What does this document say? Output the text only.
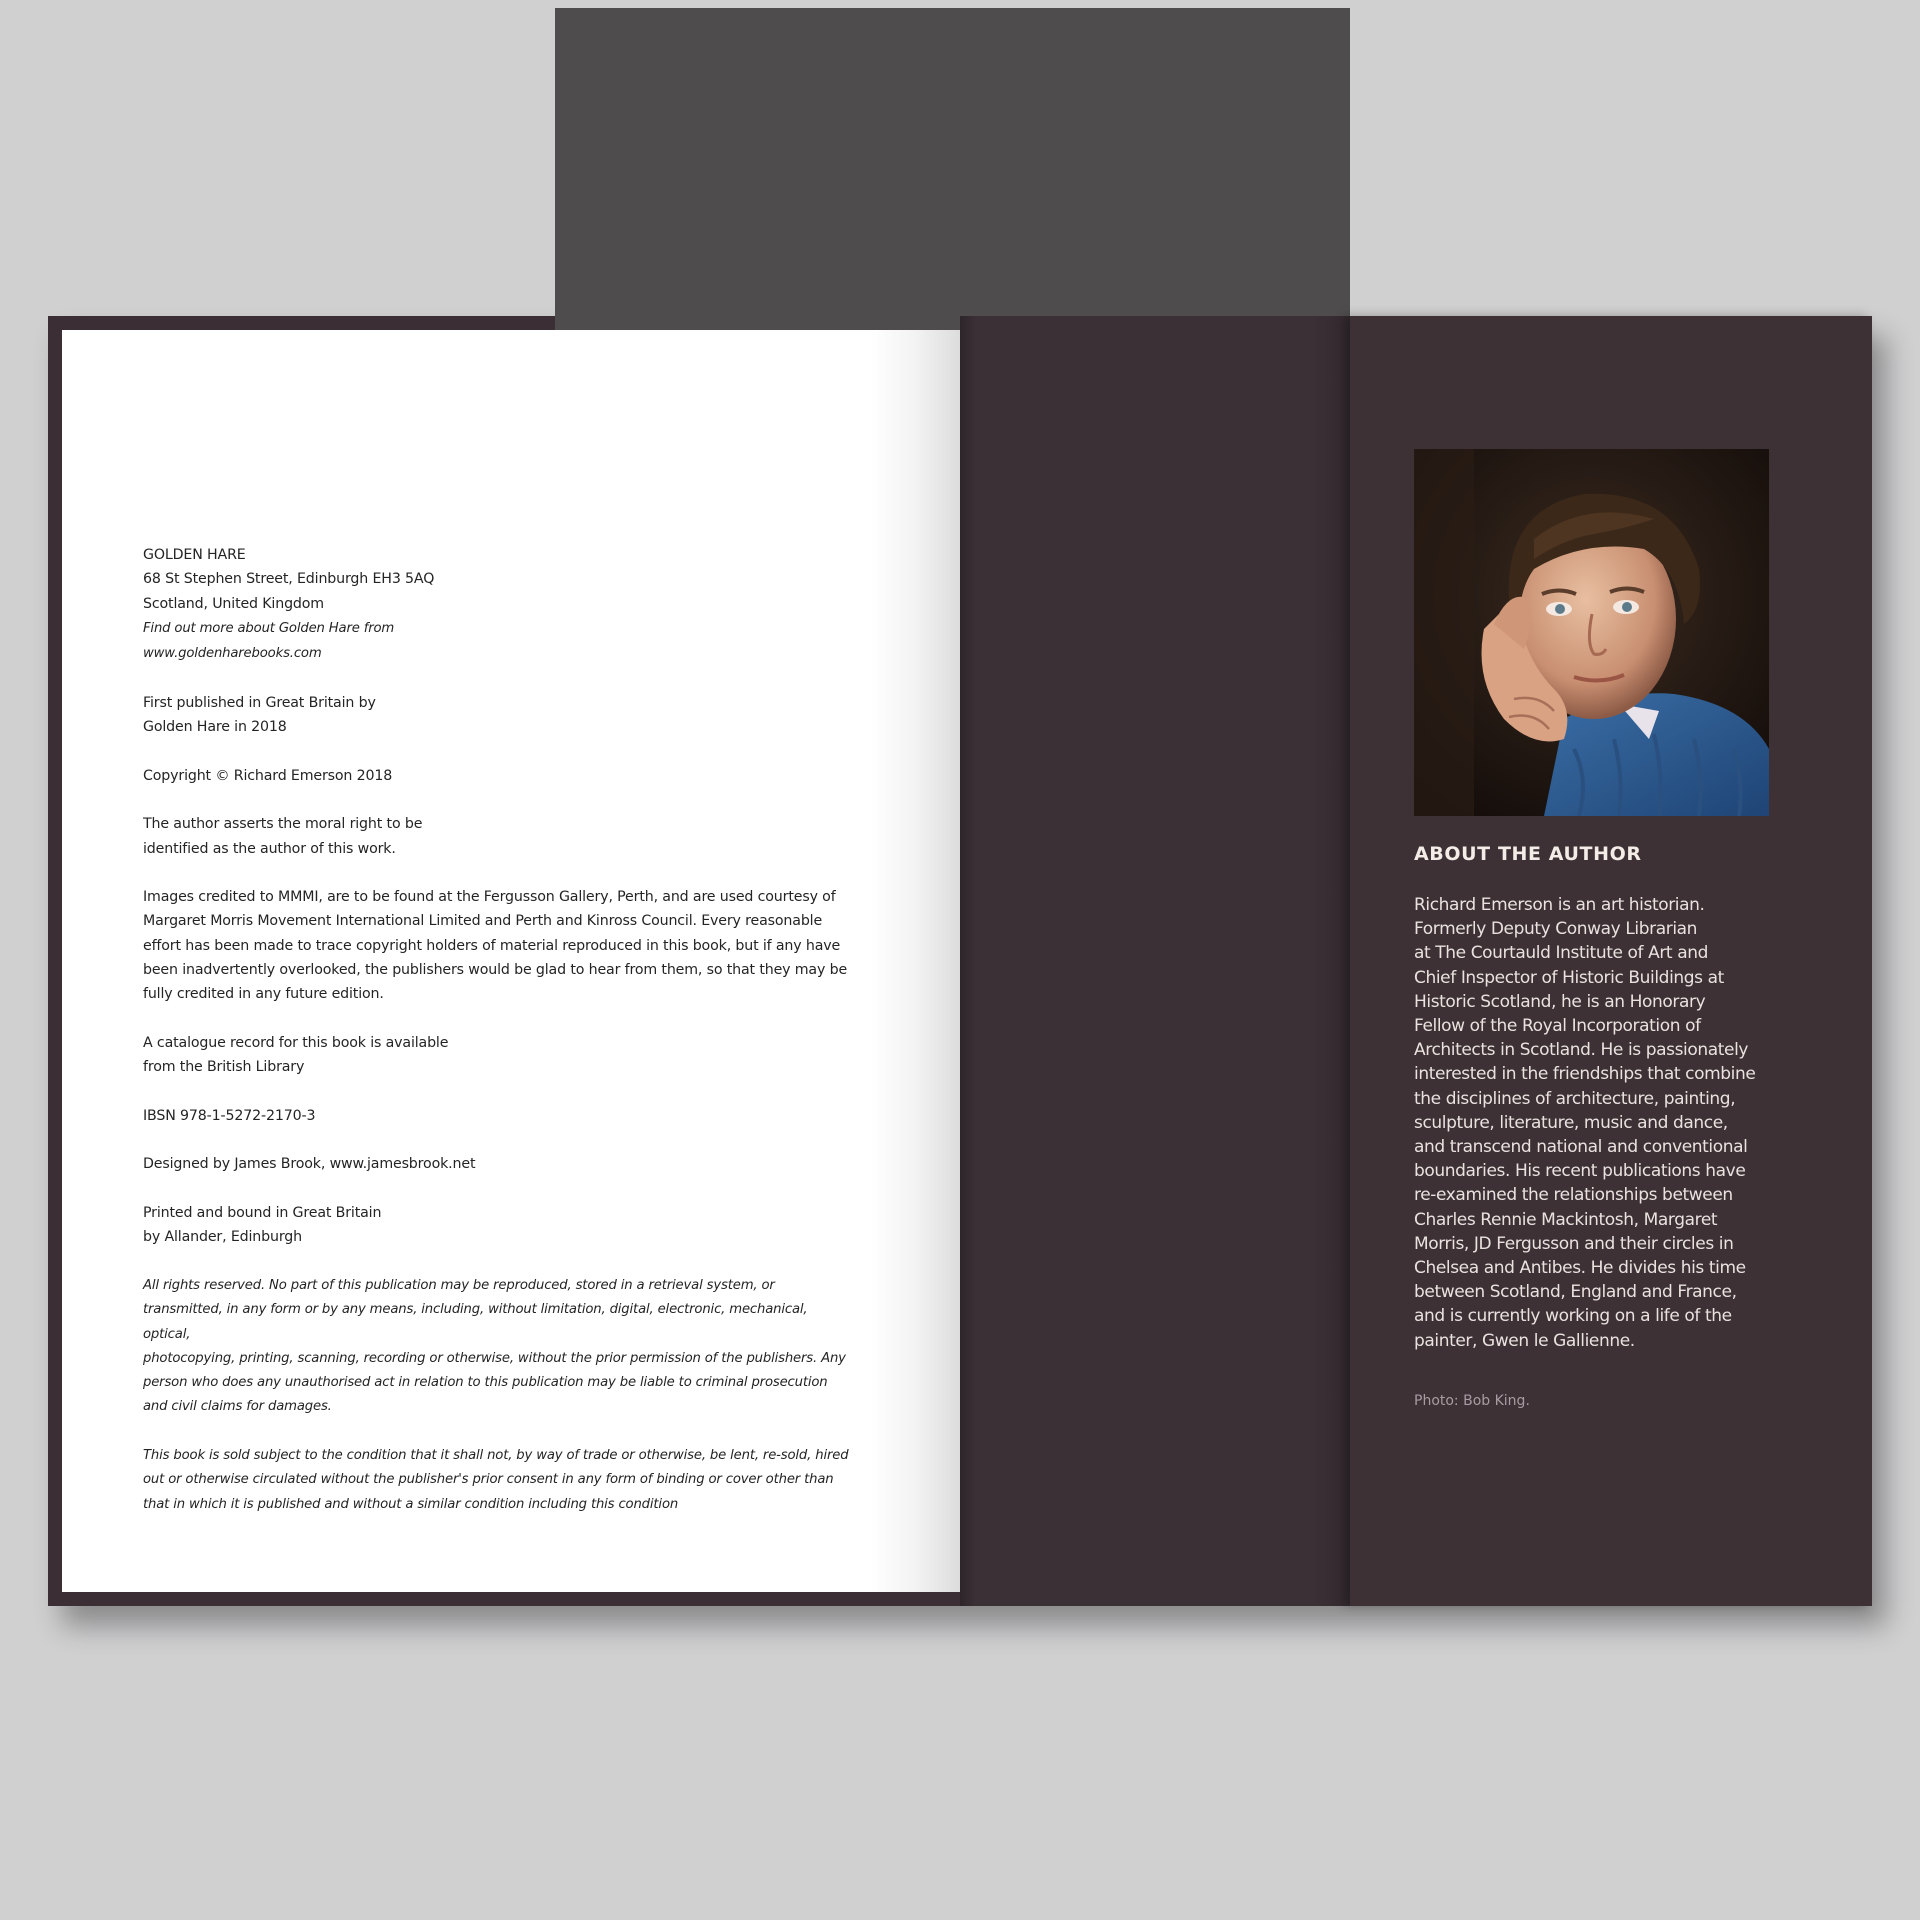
GOLDEN HARE
68 St Stephen Street, Edinburgh EH3 5AQ
Scotland, United Kingdom
Find out more about Golden Hare from
www.goldenharebooks.com

First published in Great Britain by
Golden Hare in 2018

Copyright © Richard Emerson 2018

The author asserts the moral right to be
identified as the author of this work.

Images credited to MMMI, are to be found at the Fergusson Gallery, Perth, and are used courtesy of
Margaret Morris Movement International Limited and Perth and Kinross Council. Every reasonable
effort has been made to trace copyright holders of material reproduced in this book, but if any have
been inadvertently overlooked, the publishers would be glad to hear from them, so that they may be
fully credited in any future edition.

A catalogue record for this book is available
from the British Library

IBSN 978-1-5272-2170-3

Designed by James Brook, www.jamesbrook.net

Printed and bound in Great Britain
by Allander, Edinburgh

All rights reserved. No part of this publication may be reproduced, stored in a retrieval system, or
transmitted, in any form or by any means, including, without limitation, digital, electronic, mechanical, optical,
photocopying, printing, scanning, recording or otherwise, without the prior permission of the publishers. Any
person who does any unauthorised act in relation to this publication may be liable to criminal prosecution
and civil claims for damages.

This book is sold subject to the condition that it shall not, by way of trade or otherwise, be lent, re-sold, hired
out or otherwise circulated without the publisher's prior consent in any form of binding or cover other than
that in which it is published and without a similar condition including this condition

ABOUT THE AUTHOR

Richard Emerson is an art historian.

Formerly Deputy Conway Librarian

at The Courtauld Institute of Art and

Chief Inspector of Historic Buildings at

Historic Scotland, he is an Honorary

Fellow of the Royal Incorporation of

Architects in Scotland. He is passionately

interested in the friendships that combine

the disciplines of architecture, painting,

sculpture, literature, music and dance,

and transcend national and conventional

boundaries. His recent publications have

re-examined the relationships between

Charles Rennie Mackintosh, Margaret

Morris, JD Fergusson and their circles in

Chelsea and Antibes. He divides his time

between Scotland, England and France,

and is currently working on a life of the

painter, Gwen le Gallienne.

Photo: Bob King.
